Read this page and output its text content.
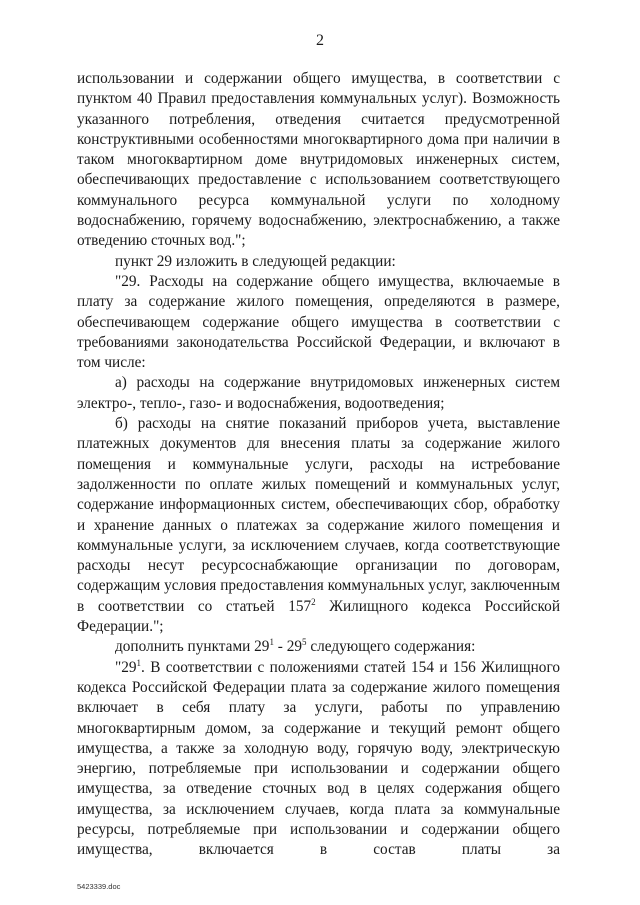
2

использовании и содержании общего имущества, в соответствии с пунктом 40 Правил предоставления коммунальных услуг). Возможность указанного потребления, отведения считается предусмотренной конструктивными особенностями многоквартирного дома при наличии в таком многоквартирном доме внутридомовых инженерных систем, обеспечивающих предоставление с использованием соответствующего коммунального ресурса коммунальной услуги по холодному водоснабжению, горячему водоснабжению, электроснабжению, а также отведению сточных вод.";

пункт 29 изложить в следующей редакции:

"29. Расходы на содержание общего имущества, включаемые в плату за содержание жилого помещения, определяются в размере, обеспечивающем содержание общего имущества в соответствии с требованиями законодательства Российской Федерации, и включают в том числе:

а) расходы на содержание внутридомовых инженерных систем электро-, тепло-, газо- и водоснабжения, водоотведения;

б) расходы на снятие показаний приборов учета, выставление платежных документов для внесения платы за содержание жилого помещения и коммунальные услуги, расходы на истребование задолженности по оплате жилых помещений и коммунальных услуг, содержание информационных систем, обеспечивающих сбор, обработку и хранение данных о платежах за содержание жилого помещения и коммунальные услуги, за исключением случаев, когда соответствующие расходы несут ресурсоснабжающие организации по договорам, содержащим условия предоставления коммунальных услуг, заключенным в соответствии со статьей $157^2$ Жилищного кодекса Российской Федерации.";

дополнить пунктами $29^1 - 29^5$ следующего содержания:

"$29^1$. В соответствии с положениями статей 154 и 156 Жилищного кодекса Российской Федерации плата за содержание жилого помещения включает в себя плату за услуги, работы по управлению многоквартирным домом, за содержание и текущий ремонт общего имущества, а также за холодную воду, горячую воду, электрическую энергию, потребляемые при использовании и содержании общего имущества, за отведение сточных вод в целях содержания общего имущества, за исключением случаев, когда плата за коммунальные ресурсы, потребляемые при использовании и содержании общего имущества, включается в состав платы за

5423339.doc
